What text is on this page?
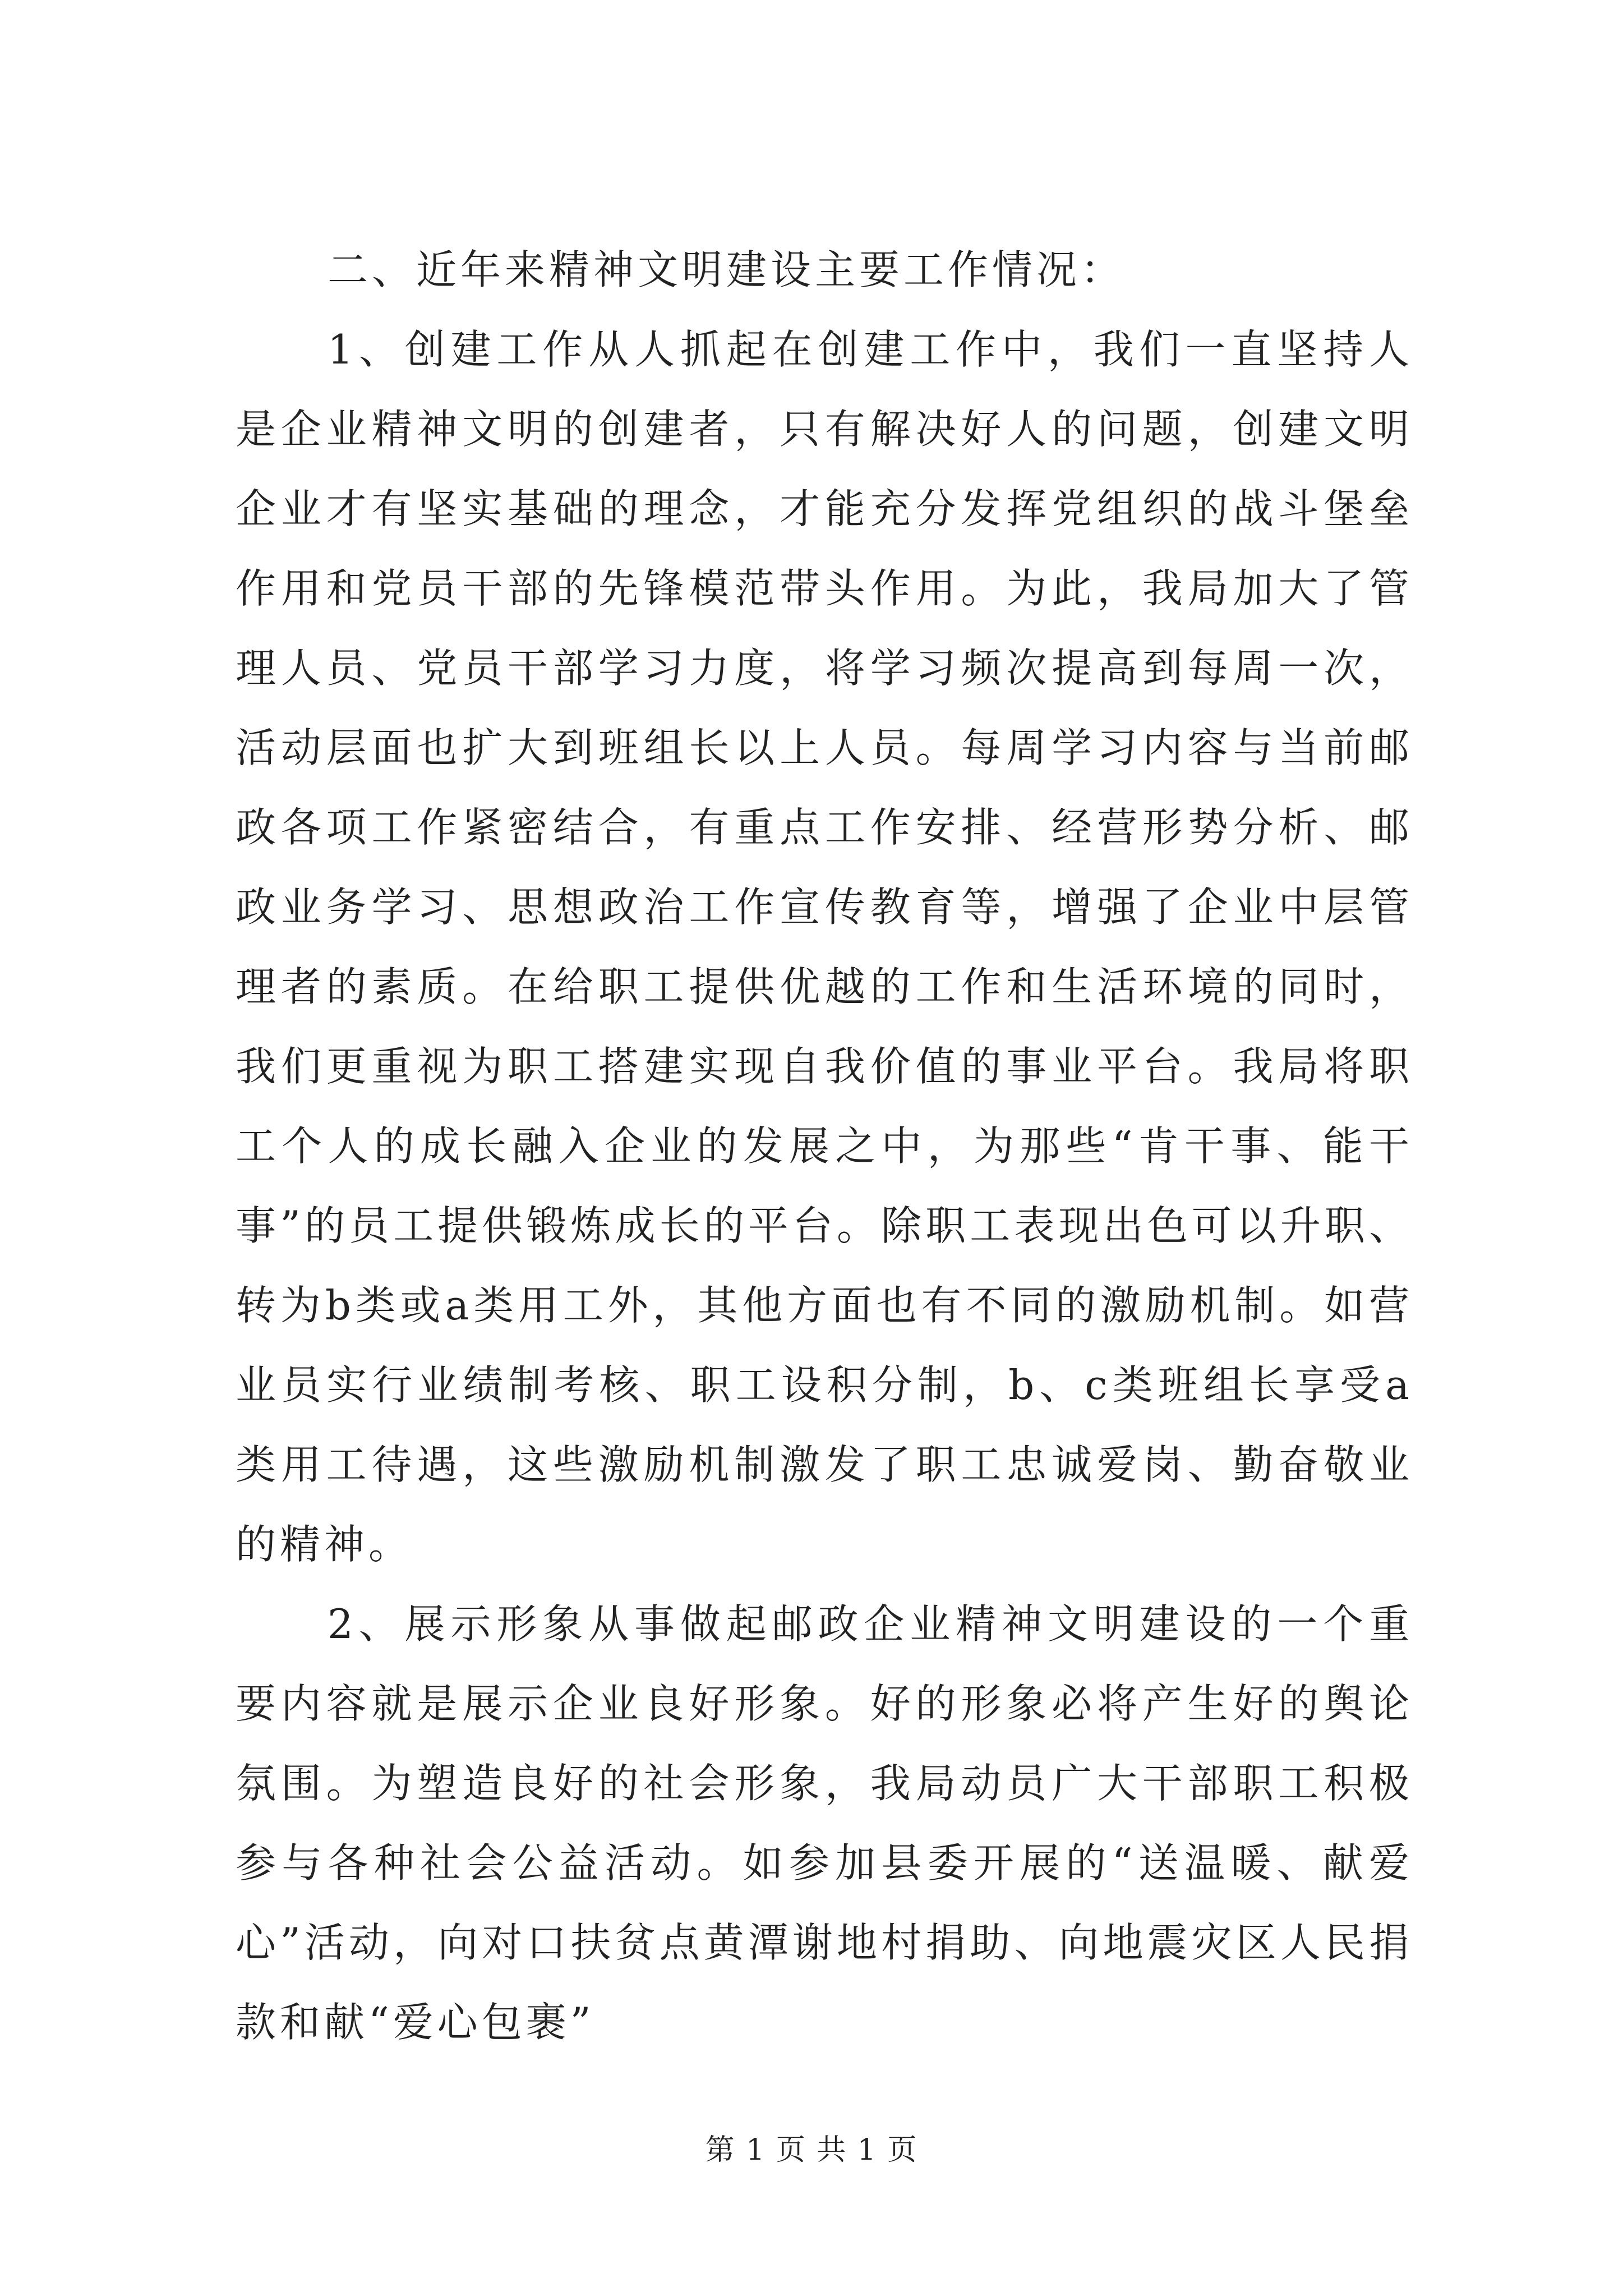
二、近年来精神文明建设主要工作情况：

1、创建工作从人抓起在创建工作中，我们一直坚持人是企业精神文明的创建者，只有解决好人的问题，创建文明企业才有坚实基础的理念，才能充分发挥党组织的战斗堡垒作用和党员干部的先锋模范带头作用。为此，我局加大了管理人员、党员干部学习力度，将学习频次提高到每周一次，活动层面也扩大到班组长以上人员。每周学习内容与当前邮政各项工作紧密结合，有重点工作安排、经营形势分析、邮政业务学习、思想政治工作宣传教育等，增强了企业中层管理者的素质。在给职工提供优越的工作和生活环境的同时，我们更重视为职工搭建实现自我价值的事业平台。我局将职工个人的成长融入企业的发展之中，为那些“肯干事、能干事”的员工提供锻炼成长的平台。除职工表现出色可以升职、转为b类或a类用工外，其他方面也有不同的激励机制。如营业员实行业绩制考核、职工设积分制，b、c类班组长享受a类用工待遇，这些激励机制激发了职工忠诚爱岗、勤奋敬业的精神。

2、展示形象从事做起邮政企业精神文明建设的一个重要内容就是展示企业良好形象。好的形象必将产生好的舆论氛围。为塑造良好的社会形象，我局动员广大干部职工积极参与各种社会公益活动。如参加县委开展的“送温暖、献爱心”活动，向对口扶贫点黄潭谢地村捐助、向地震灾区人民捐款和献“爱心包裹”

第 1 页 共 1 页
